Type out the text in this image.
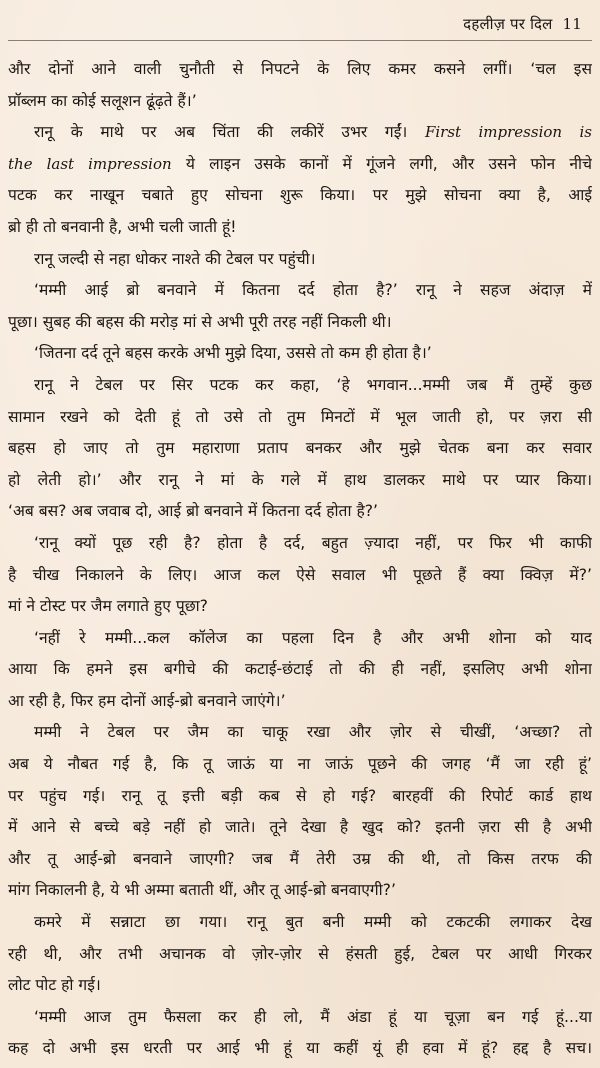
दहलीज़ पर दिल 11
और दोनों आने वाली चुनौती से निपटने के लिए कमर कसने लगीं। ‘चल इस
प्रॉब्लम का कोई सलूशन ढूंढ़ते हैं।’
रानू के माथे पर अब चिंता की लकीरें उभर गईं। First impression is
the last impression ये लाइन उसके कानों में गूंजने लगी, और उसने फोन नीचे
पटक कर नाखून चबाते हुए सोचना शुरू किया। पर मुझे सोचना क्या है, आई
ब्रो ही तो बनवानी है, अभी चली जाती हूं!
रानू जल्दी से नहा धोकर नाश्ते की टेबल पर पहुंची।
‘मम्मी आई ब्रो बनवाने में कितना दर्द होता है?’ रानू ने सहज अंदाज़ में
पूछा। सुबह की बहस की मरोड़ मां से अभी पूरी तरह नहीं निकली थी।
‘जितना दर्द तूने बहस करके अभी मुझे दिया, उससे तो कम ही होता है।’
रानू ने टेबल पर सिर पटक कर कहा, ‘हे भगवान...मम्मी जब मैं तुम्हें कुछ
सामान रखने को देती हूं तो उसे तो तुम मिनटों में भूल जाती हो, पर ज़रा सी
बहस हो जाए तो तुम महाराणा प्रताप बनकर और मुझे चेतक बना कर सवार
हो लेती हो।’ और रानू ने मां के गले में हाथ डालकर माथे पर प्यार किया।
‘अब बस? अब जवाब दो, आई ब्रो बनवाने में कितना दर्द होता है?’
‘रानू क्यों पूछ रही है? होता है दर्द, बहुत ज़्यादा नहीं, पर फिर भी काफी
है चीख निकालने के लिए। आज कल ऐसे सवाल भी पूछते हैं क्या क्विज़ में?’
मां ने टोस्ट पर जैम लगाते हुए पूछा?
‘नहीं रे मम्मी...कल कॉलेज का पहला दिन है और अभी शोना को याद
आया कि हमने इस बगीचे की कटाई-छंटाई तो की ही नहीं, इसलिए अभी शोना
आ रही है, फिर हम दोनों आई-ब्रो बनवाने जाएंगे।’
मम्मी ने टेबल पर जैम का चाकू रखा और ज़ोर से चीखीं, ‘अच्छा? तो
अब ये नौबत गई है, कि तू जाऊं या ना जाऊं पूछने की जगह ‘मैं जा रही हूं’
पर पहुंच गई। रानू तू इत्ती बड़ी कब से हो गई? बारहवीं की रिपोर्ट कार्ड हाथ
में आने से बच्चे बड़े नहीं हो जाते। तूने देखा है खुद को? इतनी ज़रा सी है अभी
और तू आई-ब्रो बनवाने जाएगी? जब मैं तेरी उम्र की थी, तो किस तरफ की
मांग निकालनी है, ये भी अम्मा बताती थीं, और तू आई-ब्रो बनवाएगी?’
कमरे में सन्नाटा छा गया। रानू बुत बनी मम्मी को टकटकी लगाकर देख
रही थी, और तभी अचानक वो ज़ोर-ज़ोर से हंसती हुई, टेबल पर आधी गिरकर
लोट पोट हो गई।
‘मम्मी आज तुम फैसला कर ही लो, मैं अंडा हूं या चूज़ा बन गई हूं...या
कह दो अभी इस धरती पर आई भी हूं या कहीं यूं ही हवा में हूं? हद्द है सच।
